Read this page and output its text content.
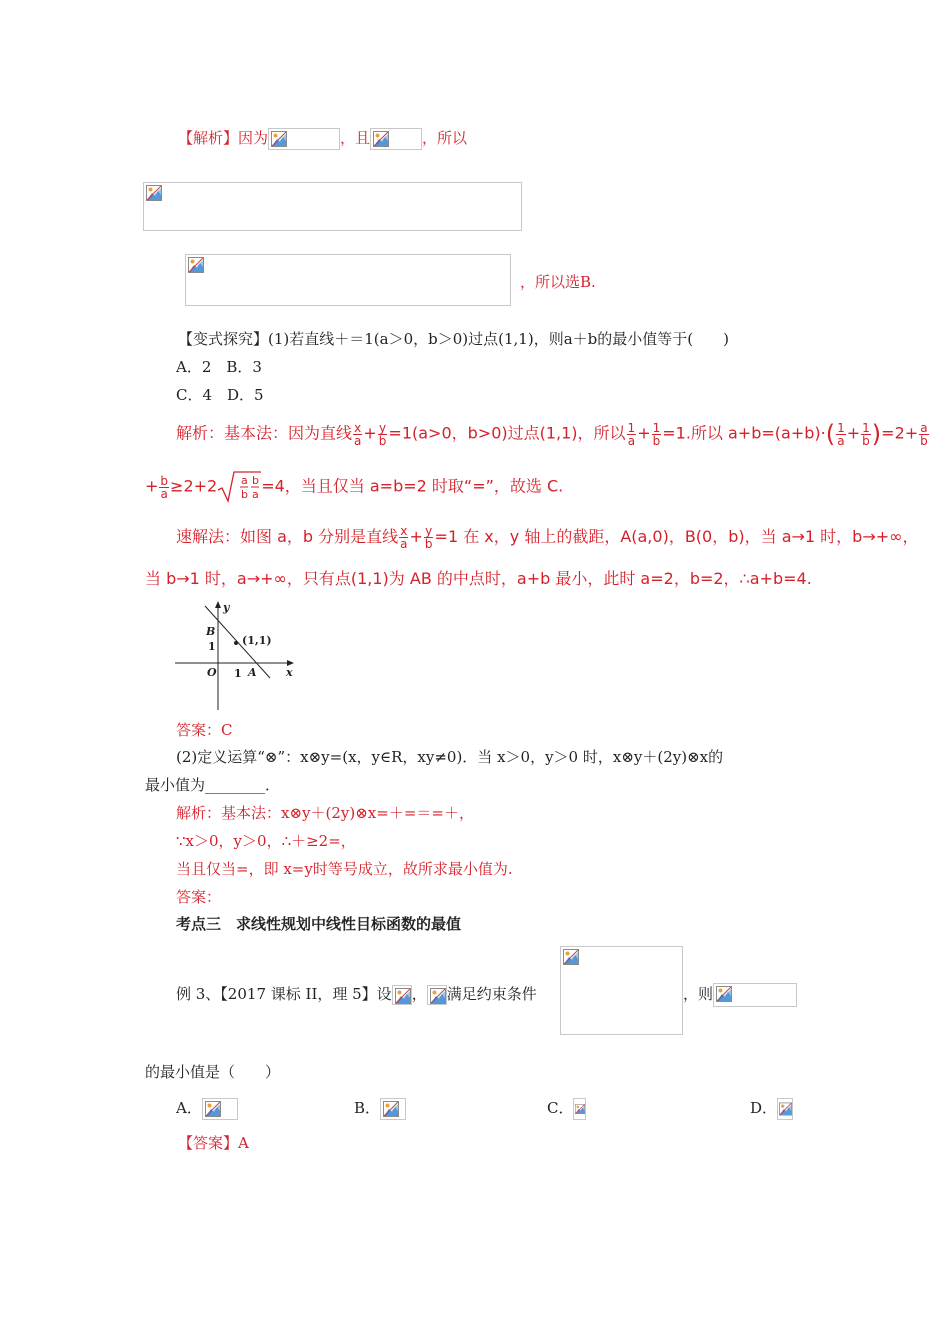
【解析】因为	，且	，所以
，所以选B.
【变式探究】(1)若直线＋＝1(a＞0，b＞0)过点(1,1)，则a＋b的最小值等于(　　)
A．2　B．3
C．4　D．5
解析：基本法：因为直线 $\frac{x}{a} + \frac{y}{b} =1(a>0$，b>0)过点(1,1)，所以 $\frac{1}{a} + \frac{1}{b} =1$.所以 $a+b=(a+b)\cdot( \frac{1}{a} + \frac{1}{b} )=2+ \frac{a}{b}$
+ $\frac{b}{a} \ge 2+2$ a
b
b
a =4，当且仅当 a=b=2 时取“=”，故选 C.
速解法：如图 a，b 分别是直线 $\frac{x}{a} + \frac{y}{b} =1$ 在 x，y 轴上的截距，A(a,0)，B(0，b)，当 a→1 时，b→+∞，
当 b→1 时，a→+∞，只有点(1,1)为 AB 的中点时，a+b 最小，此时 a=2，b=2，∴a+b=4.
y
x
B
1 (1,1)
O 1 A
答案：C
(2)定义运算“⊗”：x⊗y=(x，y∈R，xy≠0)．当 x＞0，y＞0 时，x⊗y＋(2y)⊗x的
最小值为________．
解析：基本法：x⊗y＋(2y)⊗x=＋=＝=＋，
∵x＞0，y＞0，∴＋≥2=，
当且仅当=，即 x=y时等号成立，故所求最小值为.
答案：
考点三　求线性规划中线性目标函数的最值
例 3、【2017 课标 II，理 5】设 ， 满足约束条件	，则
的最小值是（　　）
A．	B．	C．	D．
【答案】A
